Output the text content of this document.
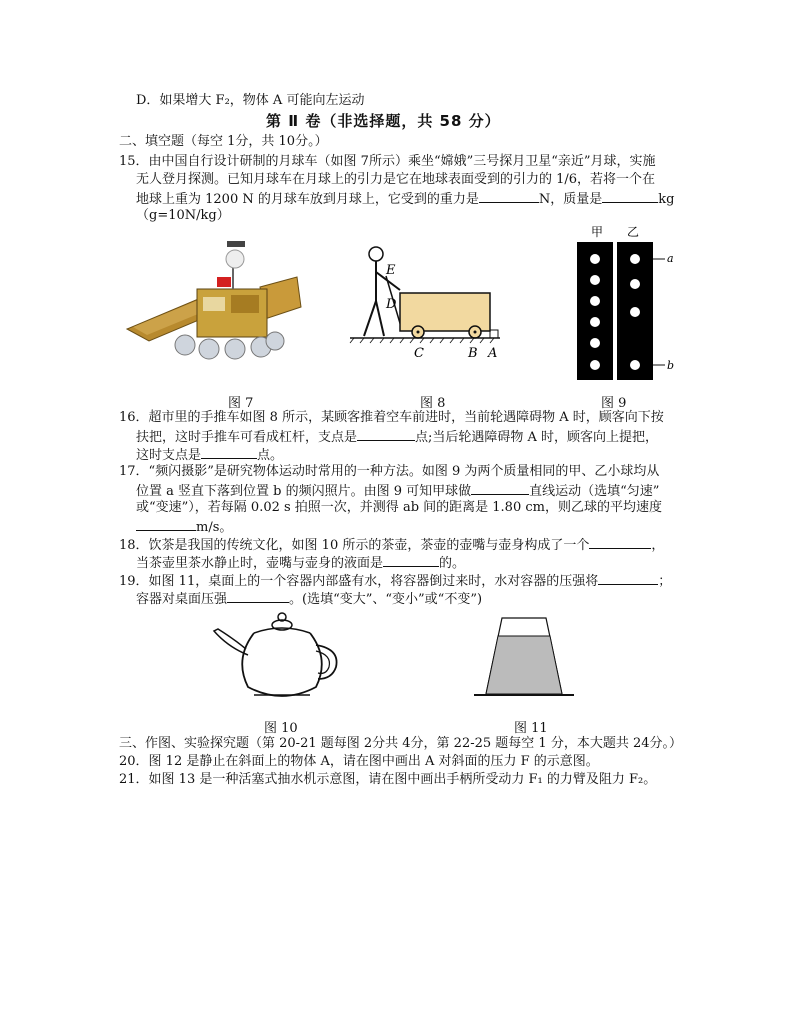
D．如果增大 F₂，物体 A 可能向左运动
第 Ⅱ 卷（非选择题，共 58 分）
二、填空题（每空 1分，共 10分。）
15．由中国自行设计研制的月球车（如图 7所示）乘坐“嫦娥”三号探月卫星“亲近”月球，实施
无人登月探测。已知月球车在月球上的引力是它在地球表面受到的引力的 1/6，若将一个在
地球上重为 1200 N 的月球车放到月球上，它受到的重力是	N，质量是	kg
（g=10N/kg）
图 7
E
D
C	B A
图 8
甲 乙
a
b
图 9
16．超市里的手推车如图 8 所示，某顾客推着空车前进时，当前轮遇障碍物 A 时，顾客向下按
扶把，这时手推车可看成杠杆，支点是	点;当后轮遇障碍物 A 时，顾客向上提把，
这时支点是	点。
17．“频闪摄影”是研究物体运动时常用的一种方法。如图 9 为两个质量相同的甲、乙小球均从
位置 a 竖直下落到位置 b 的频闪照片。由图 9 可知甲球做	直线运动（选填“匀速”
或“变速”），若每隔 0.02 s 拍照一次，并测得 ab 间的距离是 1.80 cm，则乙球的平均速度
m/s。
18．饮茶是我国的传统文化，如图 10 所示的茶壶，茶壶的壶嘴与壶身构成了一个	，
当茶壶里茶水静止时，壶嘴与壶身的液面是	的。
19．如图 11，桌面上的一个容器内部盛有水，将容器倒过来时，水对容器的压强将	；
容器对桌面压强	。(选填“变大”、“变小”或“不变”)
图 10	图 11
三、作图、实验探究题（第 20-21 题每图 2分共 4分，第 22-25 题每空 1 分，本大题共 24分。）
20．图 12 是静止在斜面上的物体 A，请在图中画出 A 对斜面的压力 F 的示意图。
21．如图 13 是一种活塞式抽水机示意图，请在图中画出手柄所受动力 F₁ 的力臂及阻力 F₂。
